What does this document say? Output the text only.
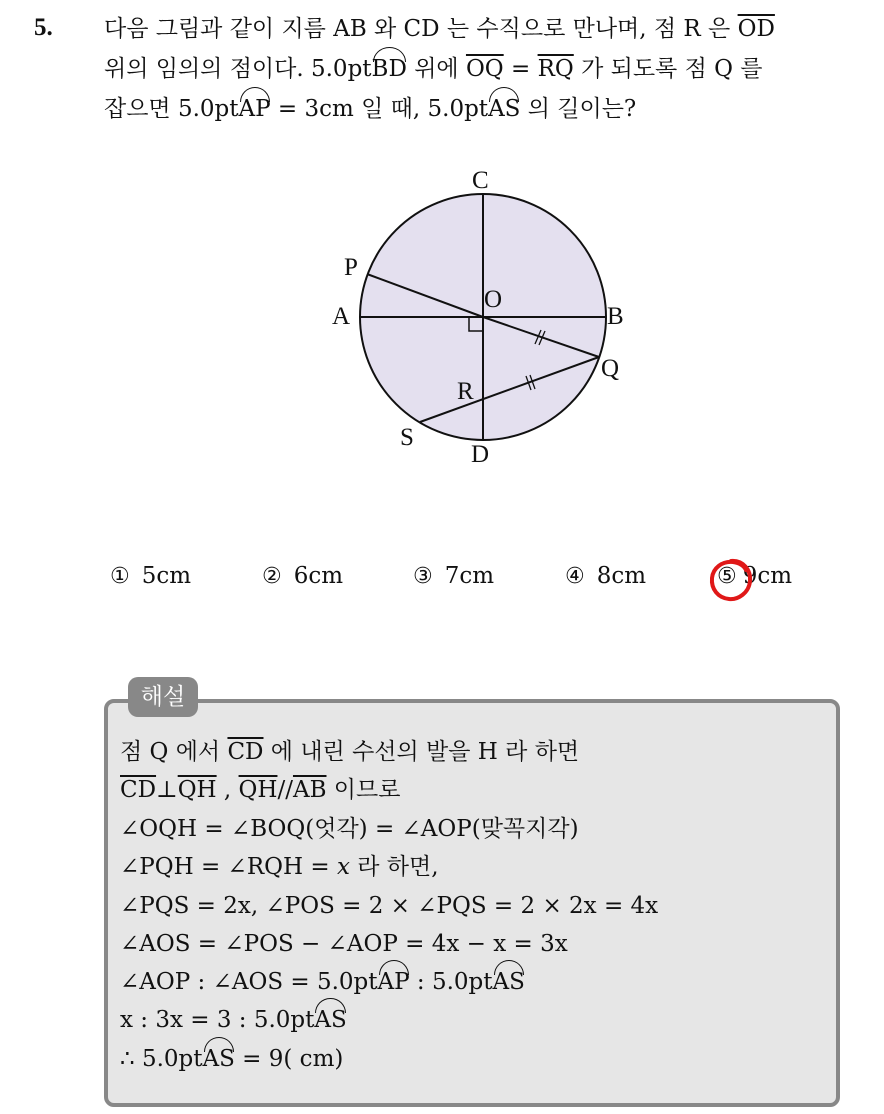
5. 다음 그림과 같이 지름 AB 와 CD 는 수직으로 만나며, 점 R 은 $\overline{OD}$
위의 임의의 점이다. 5.0ptBD 위에 $\overline{OQ} = \overline{RQ}$ 가 되도록 점 Q 를
잡으면 5.0ptAP = 3cm 일 때, 5.0ptAS 의 길이는?
C
P
O
A	B
Q
R
S
D
① 5cm	② 6cm	③ 7cm	④ 8cm	⑤ 9cm
해설
점 Q 에서 $\overline{CD}$ 에 내린 수선의 발을 H 라 하면
$\overline{CD}\perp\overline{QH}$ , $\overline{QH}//\overline{AB}$ 이므로
∠OQH = ∠BOQ(엇각) = ∠AOP(맞꼭지각)
∠PQH = ∠RQH = x 라 하면,
∠PQS = 2x, ∠POS = 2 × ∠PQS = 2 × 2x = 4x
∠AOS = ∠POS − ∠AOP = 4x − x = 3x
∠AOP : ∠AOS = 5.0ptAP : 5.0ptAS
x : 3x = 3 : 5.0ptAS
∴ 5.0ptAS = 9( cm)
